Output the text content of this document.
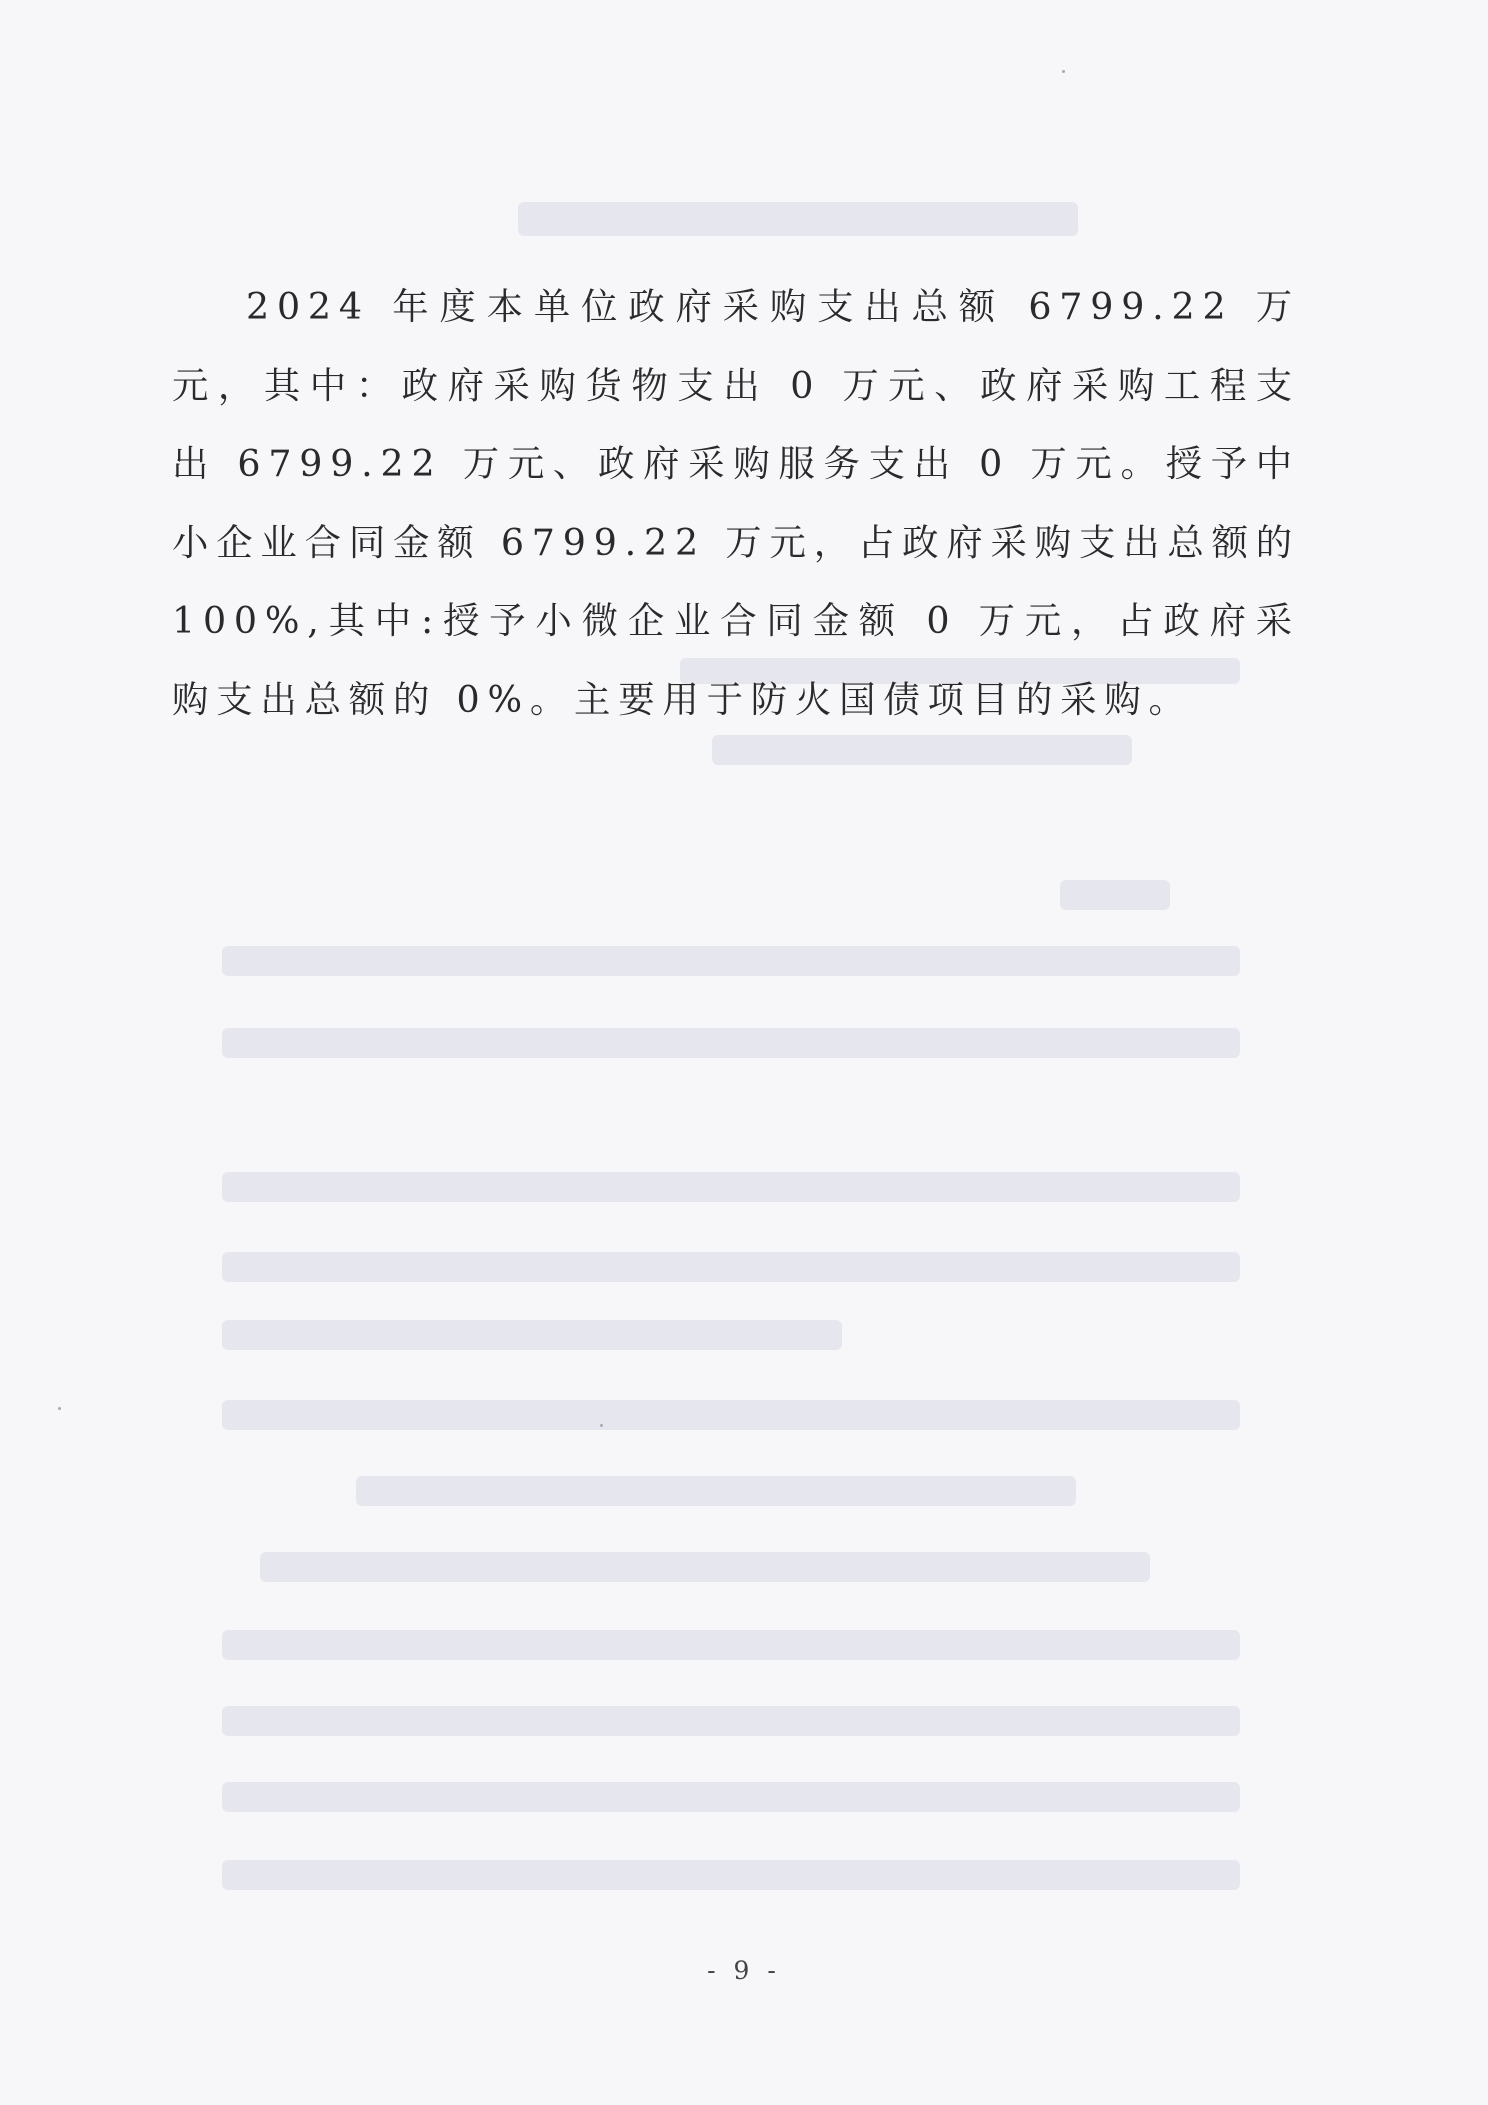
2024 年度本单位政府采购支出总额 6799.22 万元，其中：政府采购货物支出 0 万元、政府采购工程支出 6799.22 万元、政府采购服务支出 0 万元。授予中小企业合同金额 6799.22 万元，占政府采购支出总额的 100%,其中:授予小微企业合同金额 0 万元，占政府采购支出总额的 0%。主要用于防火国债项目的采购。

- 9 -
